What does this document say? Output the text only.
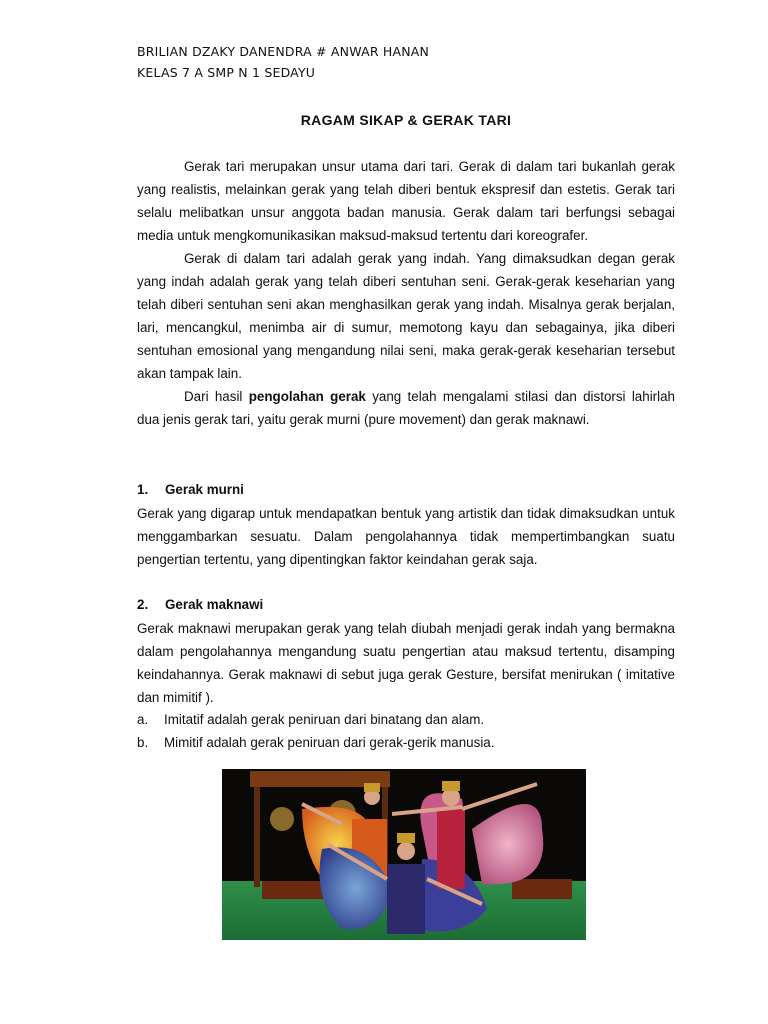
BRILIAN DZAKY DANENDRA # ANWAR HANAN
KELAS 7 A SMP N 1 SEDAYU
RAGAM SIKAP & GERAK TARI

Gerak tari merupakan unsur utama dari tari. Gerak di dalam tari bukanlah gerak yang realistis, melainkan gerak yang telah diberi bentuk ekspresif dan estetis. Gerak tari selalu melibatkan unsur anggota badan manusia. Gerak dalam tari berfungsi sebagai media untuk mengkomunikasikan maksud-maksud tertentu dari koreografer.

Gerak di dalam tari adalah gerak yang indah. Yang dimaksudkan degan gerak yang indah adalah gerak yang telah diberi sentuhan seni. Gerak-gerak keseharian yang telah diberi sentuhan seni akan menghasilkan gerak yang indah. Misalnya gerak berjalan, lari, mencangkul, menimba air di sumur, memotong kayu dan sebagainya, jika diberi sentuhan emosional yang mengandung nilai seni, maka gerak-gerak keseharian tersebut akan tampak lain.

Dari hasil pengolahan gerak yang telah mengalami stilasi dan distorsi lahirlah dua jenis gerak tari, yaitu gerak murni (pure movement) dan gerak maknawi.

1. Gerak murni

Gerak yang digarap untuk mendapatkan bentuk yang artistik dan tidak dimaksudkan untuk menggambarkan sesuatu. Dalam pengolahannya tidak mempertimbangkan suatu pengertian tertentu, yang dipentingkan faktor keindahan gerak saja.

2. Gerak maknawi

Gerak maknawi merupakan gerak yang telah diubah menjadi gerak indah yang bermakna dalam pengolahannya mengandung suatu pengertian atau maksud tertentu, disamping keindahannya. Gerak maknawi di sebut juga gerak Gesture, bersifat menirukan ( imitative dan mimitif ).

a. Imitatif adalah gerak peniruan dari binatang dan alam.
b. Mimitif adalah gerak peniruan dari gerak-gerik manusia.
